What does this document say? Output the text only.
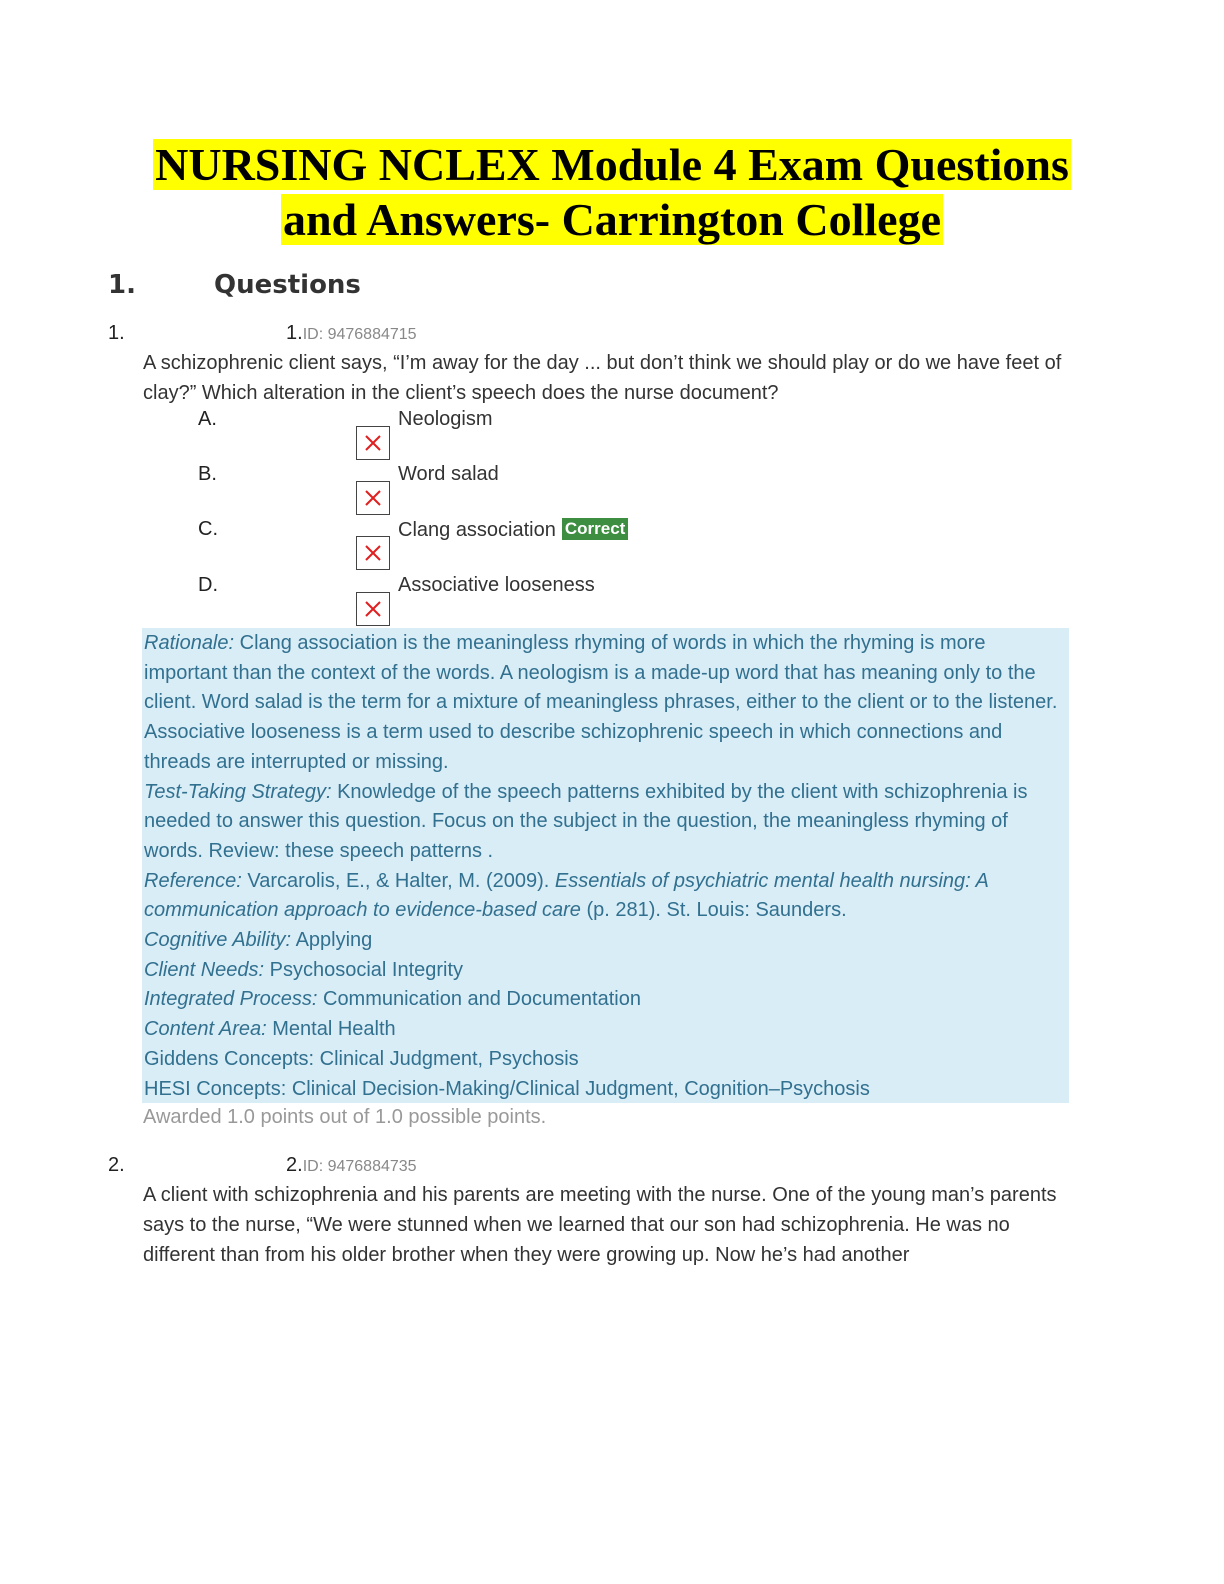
NURSING NCLEX Module 4 Exam Questions
and Answers- Carrington College
1.	Questions
1.	1.ID: 9476884715
A schizophrenic client says, “I’m away for the day ... but don’t think we should play or do we have feet of clay?” Which alteration in the client’s speech does the nurse document?
A.	Neologism
B.	Word salad
C.	Clang association Correct
D.	Associative looseness
Rationale: Clang association is the meaningless rhyming of words in which the rhyming is more important than the context of the words. A neologism is a made-up word that has meaning only to the client. Word salad is the term for a mixture of meaningless phrases, either to the client or to the listener. Associative looseness is a term used to describe schizophrenic speech in which connections and threads are interrupted or missing.
Test-Taking Strategy: Knowledge of the speech patterns exhibited by the client with schizophrenia is needed to answer this question. Focus on the subject in the question, the meaningless rhyming of words. Review: these speech patterns .
Reference: Varcarolis, E., & Halter, M. (2009). Essentials of psychiatric mental health nursing: A communication approach to evidence-based care (p. 281). St. Louis: Saunders.
Cognitive Ability: Applying
Client Needs: Psychosocial Integrity
Integrated Process: Communication and Documentation
Content Area: Mental Health
Giddens Concepts: Clinical Judgment, Psychosis
HESI Concepts: Clinical Decision-Making/Clinical Judgment, Cognition–Psychosis
Awarded 1.0 points out of 1.0 possible points.
2.	2.ID: 9476884735
A client with schizophrenia and his parents are meeting with the nurse. One of the young man’s parents says to the nurse, “We were stunned when we learned that our son had schizophrenia. He was no different than from his older brother when they were growing up. Now he’s had another
